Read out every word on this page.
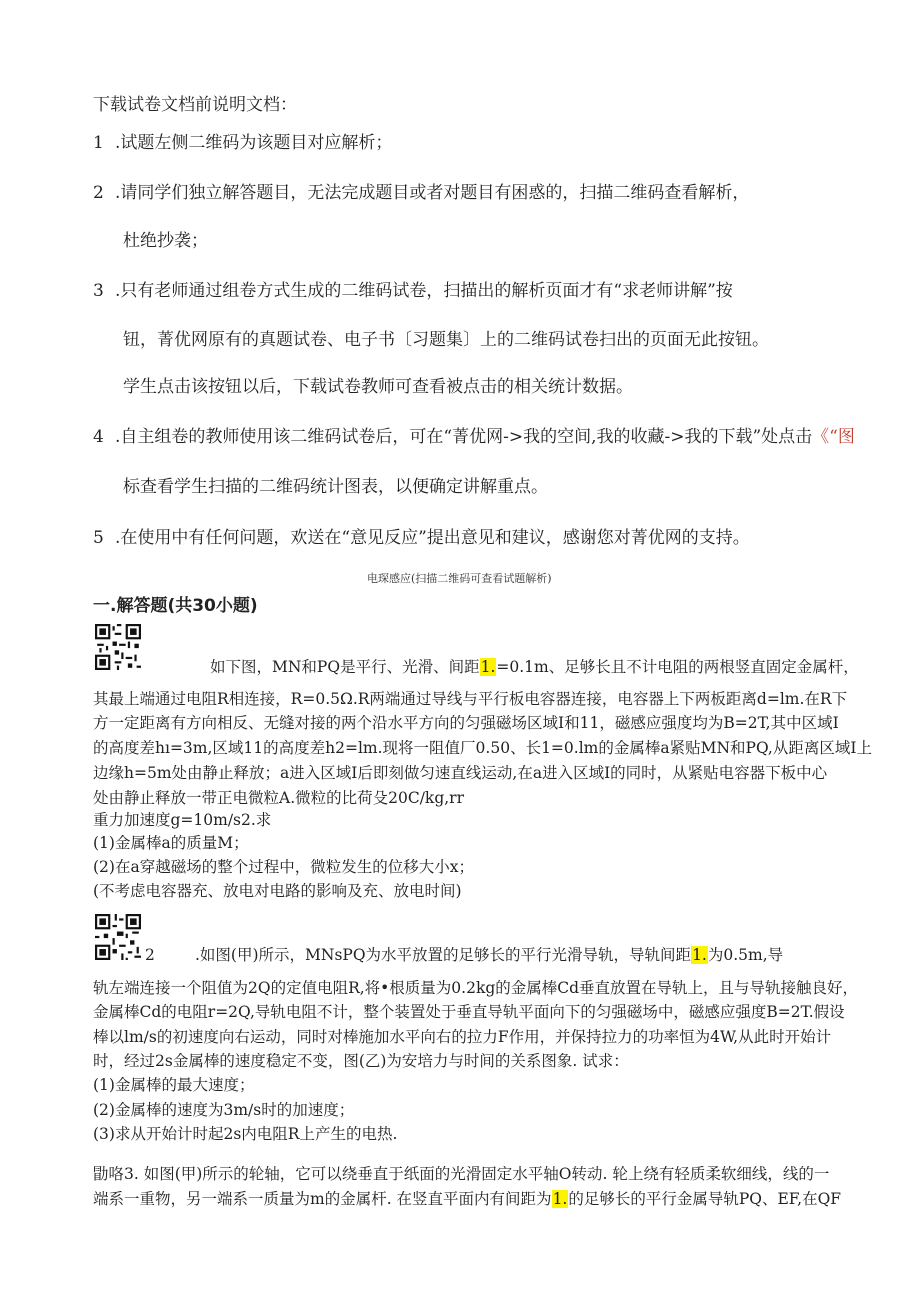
下载试卷文档前说明文档：
1 .试题左侧二维码为该题目对应解析；
2 .请同学们独立解答题目，无法完成题目或者对题目有困惑的，扫描二维码查看解析，
杜绝抄袭；
3 .只有老师通过组卷方式生成的二维码试卷，扫描出的解析页面才有“求老师讲解”按
钮，菁优网原有的真题试卷、电子书〔习题集〕上的二维码试卷扫出的页面无此按钮。
学生点击该按钮以后，下载试卷教师可查看被点击的相关统计数据。
4 .自主组卷的教师使用该二维码试卷后，可在“菁优网->我的空间,我的收藏->我的下载”处点击《“图
标查看学生扫描的二维码统计图表，以便确定讲解重点。
5 .在使用中有任何问题，欢送在“意见反应”提出意见和建议，感谢您对菁优网的支持。
电琛感应(扫描二维码可查看试题解析)
一.解答题(共30小题)
如下图，MN和PQ是平行、光滑、间距1.=0.1m、足够长且不计电阻的两根竖直固定金属杆，
其最上端通过电阻R相连接，R=0.5Ω.R两端通过导线与平行板电容器连接，电容器上下两板距离d=lm.在R下
方一定距离有方向相反、无缝对接的两个沿水平方向的匀强磁场区域I和11，磁感应强度均为B=2T,其中区域I
的高度差hı=3m,区域11的高度差h2=lm.现将一阻值厂0.50、长1=0.lm的金属棒a紧贴MN和PQ,从距离区域I上
边缘h=5m处由静止释放；a进入区域I后即刻做匀速直线运动,在a进入区域I的同时，从紧贴电容器下板中心
处由静止释放一带正电微粒A.微粒的比荷殳20C∕kg,rr
重力加速度g=10m∕s2.求
(1)金属棒a的质量M；
(2)在a穿越磁场的整个过程中，微粒发生的位移大小x；
(不考虑电容器充、放电对电路的影响及充、放电时间)
2	.如图(甲)所示，MNsPQ为水平放置的足够长的平行光滑导轨，导轨间距1.为0.5m,导
轨左端连接一个阻值为2Q的定值电阻R,将•根质量为0.2kg的金属棒Cd垂直放置在导轨上，且与导轨接触良好，
金属棒Cd的电阻r=2Q,导轨电阻不计，整个装置处于垂直导轨平面向下的匀强磁场中，磁感应强度B=2T.假设
棒以lm∕s的初速度向右运动，同时对棒施加水平向右的拉力F作用，并保持拉力的功率恒为4W,从此时开始计
时，经过2s金属棒的速度稳定不变，图(乙)为安培力与时间的关系图象. 试求：
(1)金属棒的最大速度；
(2)金属棒的速度为3m∕s时的加速度；
(3)求从开始计时起2s内电阻R上产生的电热.
勖咯3. 如图(甲)所示的轮轴，它可以绕垂直于纸面的光滑固定水平轴O转动. 轮上绕有轻质柔软细线，线的一
端系一重物，另一端系一质量为m的金属杆. 在竖直平面内有间距为1.的足够长的平行金属导轨PQ、EF,在QF
